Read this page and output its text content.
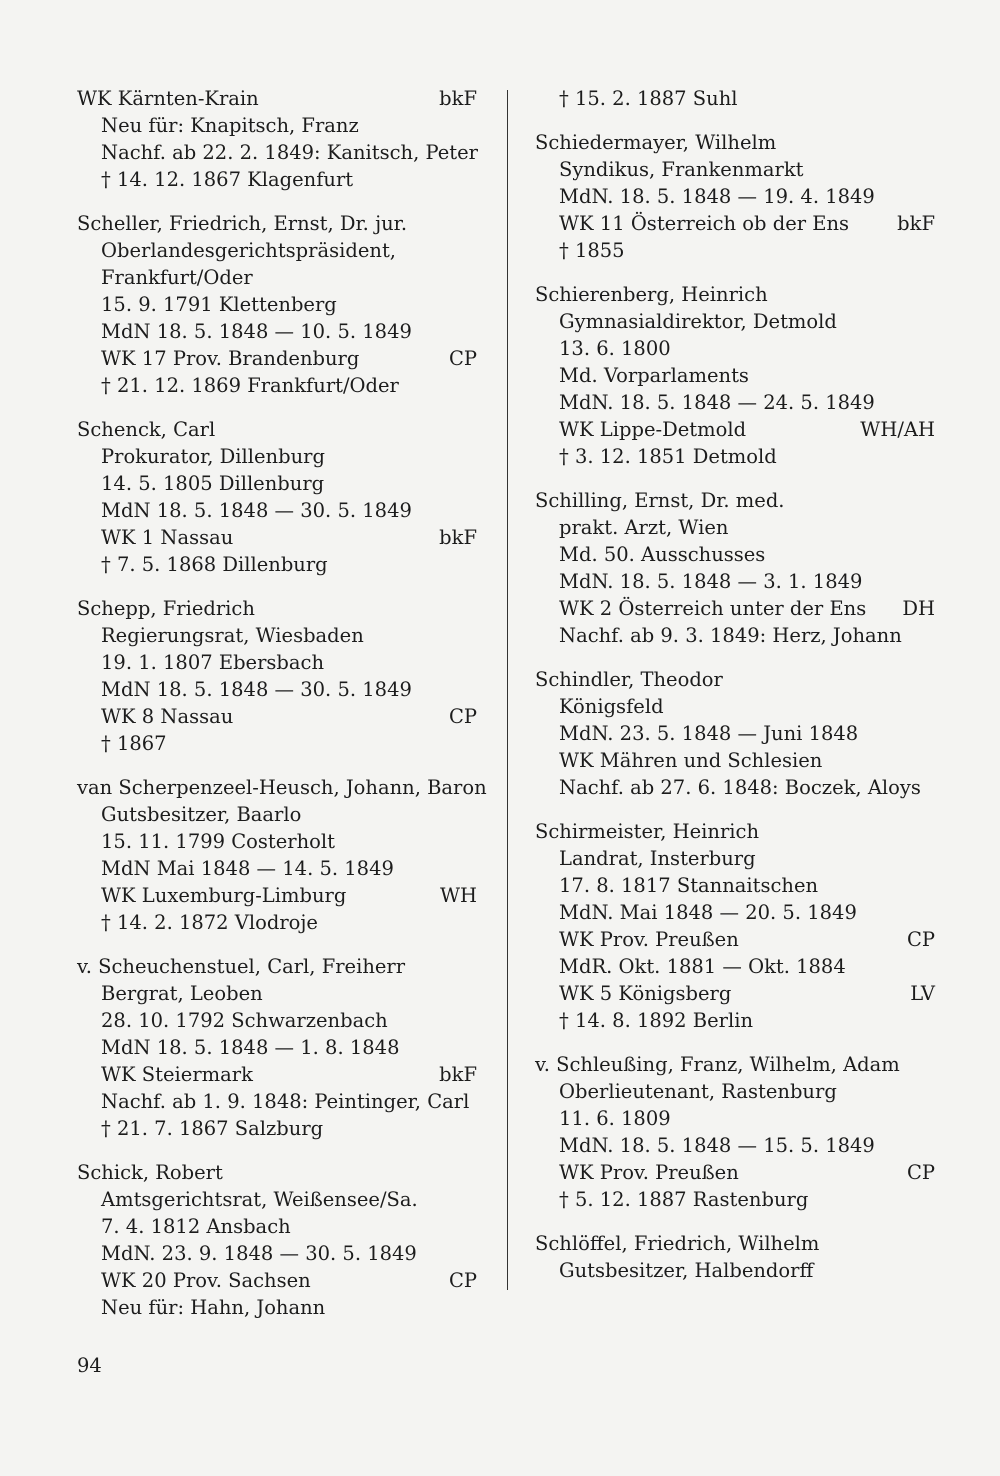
WK Kärnten-Krain	bkF
Neu für: Knapitsch, Franz
Nachf. ab 22. 2. 1849: Kanitsch, Peter
† 14. 12. 1867 Klagenfurt
Scheller, Friedrich, Ernst, Dr. jur.
Oberlandesgerichtspräsident,
Frankfurt/Oder
15. 9. 1791 Klettenberg
MdN 18. 5. 1848 — 10. 5. 1849
WK 17 Prov. Brandenburg	CP
† 21. 12. 1869 Frankfurt/Oder
Schenck, Carl
Prokurator, Dillenburg
14. 5. 1805 Dillenburg
MdN 18. 5. 1848 — 30. 5. 1849
WK 1 Nassau	bkF
† 7. 5. 1868 Dillenburg
Schepp, Friedrich
Regierungsrat, Wiesbaden
19. 1. 1807 Ebersbach
MdN 18. 5. 1848 — 30. 5. 1849
WK 8 Nassau	CP
† 1867
van Scherpenzeel-Heusch, Johann, Baron
Gutsbesitzer, Baarlo
15. 11. 1799 Costerholt
MdN Mai 1848 — 14. 5. 1849
WK Luxemburg-Limburg	WH
† 14. 2. 1872 Vlodroje
v. Scheuchenstuel, Carl, Freiherr
Bergrat, Leoben
28. 10. 1792 Schwarzenbach
MdN 18. 5. 1848 — 1. 8. 1848
WK Steiermark	bkF
Nachf. ab 1. 9. 1848: Peintinger, Carl
† 21. 7. 1867 Salzburg
Schick, Robert
Amtsgerichtsrat, Weißensee/Sa.
7. 4. 1812 Ansbach
MdN. 23. 9. 1848 — 30. 5. 1849
WK 20 Prov. Sachsen	CP
Neu für: Hahn, Johann
† 15. 2. 1887 Suhl
Schiedermayer, Wilhelm
Syndikus, Frankenmarkt
MdN. 18. 5. 1848 — 19. 4. 1849
WK 11 Österreich ob der Ens bkF
† 1855
Schierenberg, Heinrich
Gymnasialdirektor, Detmold
13. 6. 1800
Md. Vorparlaments
MdN. 18. 5. 1848 — 24. 5. 1849
WK Lippe-Detmold	WH/AH
† 3. 12. 1851 Detmold
Schilling, Ernst, Dr. med.
prakt. Arzt, Wien
Md. 50. Ausschusses
MdN. 18. 5. 1848 — 3. 1. 1849
WK 2 Österreich unter der Ens DH
Nachf. ab 9. 3. 1849: Herz, Johann
Schindler, Theodor
Königsfeld
MdN. 23. 5. 1848 — Juni 1848
WK Mähren und Schlesien
Nachf. ab 27. 6. 1848: Boczek, Aloys
Schirmeister, Heinrich
Landrat, Insterburg
17. 8. 1817 Stannaitschen
MdN. Mai 1848 — 20. 5. 1849
WK Prov. Preußen	CP
MdR. Okt. 1881 — Okt. 1884
WK 5 Königsberg	LV
† 14. 8. 1892 Berlin
v. Schleußing, Franz, Wilhelm, Adam
Oberlieutenant, Rastenburg
11. 6. 1809
MdN. 18. 5. 1848 — 15. 5. 1849
WK Prov. Preußen	CP
† 5. 12. 1887 Rastenburg
Schlöffel, Friedrich, Wilhelm
Gutsbesitzer, Halbendorff
94
